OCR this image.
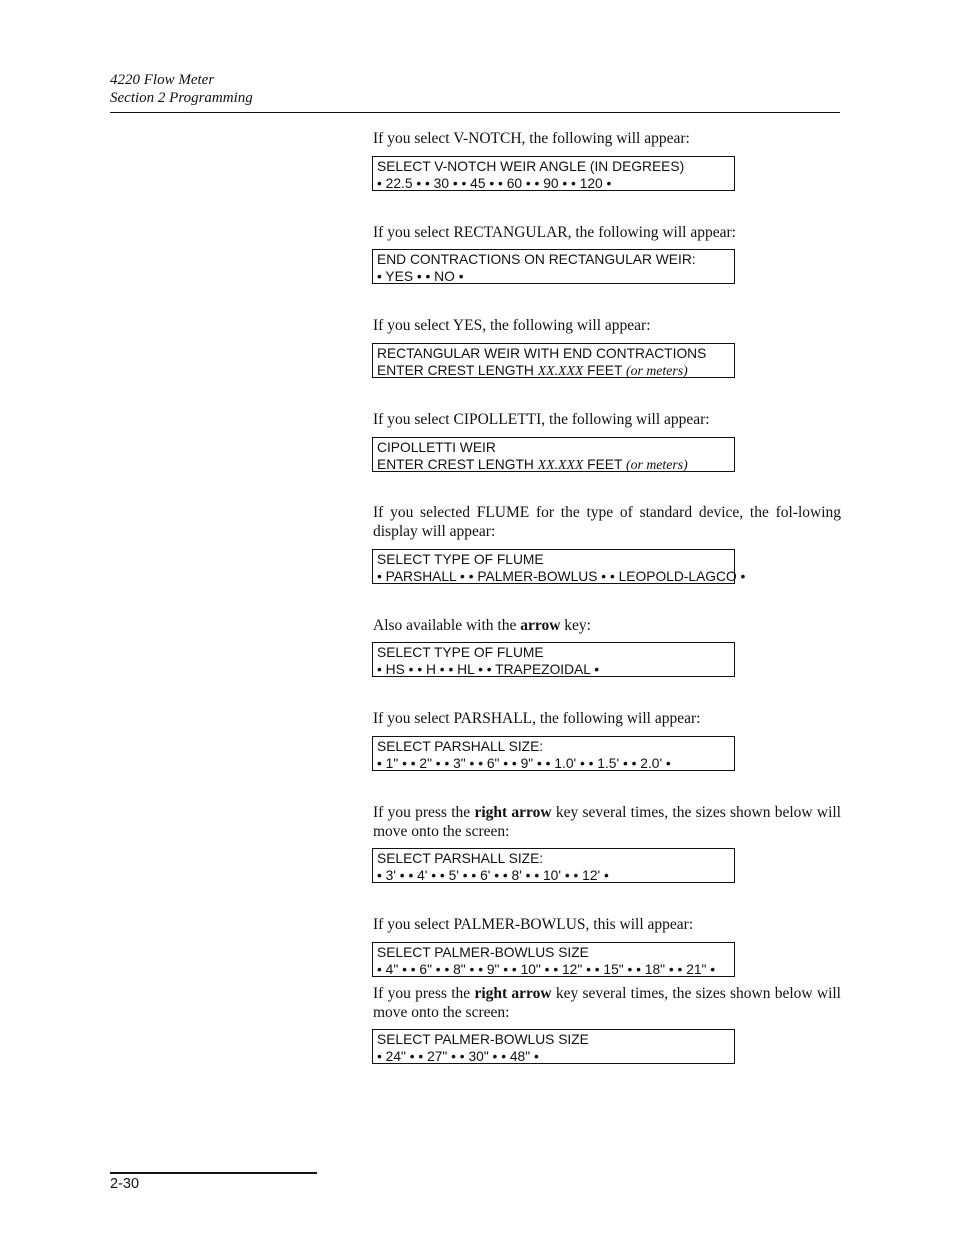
4220 Flow Meter
Section 2 Programming
If you select V-NOTCH, the following will appear:
SELECT V-NOTCH WEIR ANGLE (IN DEGREES)
• 22.5 • • 30 • • 45 • • 60 • • 90 • • 120 •
If you select RECTANGULAR, the following will appear:
END CONTRACTIONS ON RECTANGULAR WEIR:
• YES • • NO •
If you select YES, the following will appear:
RECTANGULAR WEIR WITH END CONTRACTIONS
ENTER CREST LENGTH XX.XXX FEET (or meters)
If you select CIPOLLETTI, the following will appear:
CIPOLLETTI WEIR
ENTER CREST LENGTH XX.XXX FEET (or meters)
If you selected FLUME for the type of standard device, the fol-lowing display will appear:
SELECT TYPE OF FLUME
• PARSHALL • • PALMER-BOWLUS • • LEOPOLD-LAGCO •
Also available with the arrow key:
SELECT TYPE OF FLUME
• HS • • H • • HL • • TRAPEZOIDAL •
If you select PARSHALL, the following will appear:
SELECT PARSHALL SIZE:
• 1" • • 2" • • 3" • • 6" • • 9" • • 1.0' • • 1.5' • • 2.0' •
If you press the right arrow key several times, the sizes shown below will move onto the screen:
SELECT PARSHALL SIZE:
• 3' • • 4' • • 5' • • 6' • • 8' • • 10' • • 12' •
If you select PALMER-BOWLUS, this will appear:
SELECT PALMER-BOWLUS SIZE
• 4" • • 6" • • 8" • • 9" • • 10" • • 12" • • 15" • • 18" • • 21" •
If you press the right arrow key several times, the sizes shown below will move onto the screen:
SELECT PALMER-BOWLUS SIZE
• 24" • • 27" • • 30" • • 48" •
2-30
